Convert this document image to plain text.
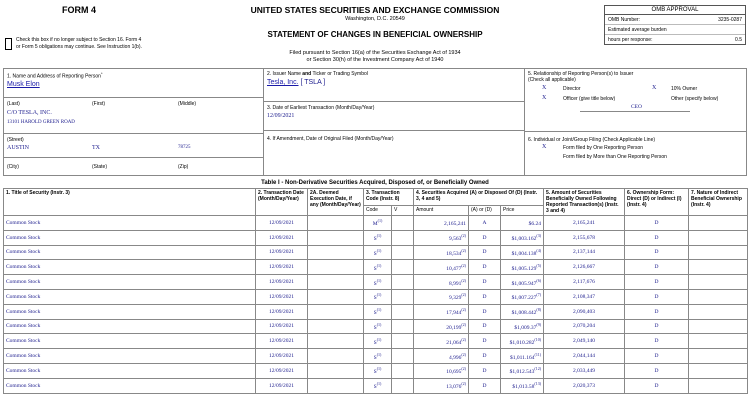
FORM 4
Check this box if no longer subject to Section 16. Form 4 or Form 5 obligations may continue. See Instruction 1(b).
UNITED STATES SECURITIES AND EXCHANGE COMMISSION
Washington, D.C. 20549
STATEMENT OF CHANGES IN BENEFICIAL OWNERSHIP
Filed pursuant to Section 16(a) of the Securities Exchange Act of 1934
or Section 30(h) of the Investment Company Act of 1940
OMB APPROVAL
OMB Number:	3235-0287
Estimated average burden
hours per response:	0.5
1. Name and Address of Reporting Person*
Musk Elon
(Last)	(First)	(Middle)
C/O TESLA, INC.
13101 HAROLD GREEN ROAD
(Street)
AUSTIN	TX	78725
(City)	(State)	(Zip)
2. Issuer Name and Ticker or Trading Symbol
Tesla, Inc. [ TSLA ]
3. Date of Earliest Transaction (Month/Day/Year)
12/09/2021
4. If Amendment, Date of Original Filed (Month/Day/Year)
5. Relationship of Reporting Person(s) to Issuer
(Check all applicable)
X	Director	X	10% Owner
X	Officer (give title below)	Other (specify below)
CEO
6. Individual or Joint/Group Filing (Check Applicable Line)
X	Form filed by One Reporting Person
Form filed by More than One Reporting Person
Table I - Non-Derivative Securities Acquired, Disposed of, or Beneficially Owned
1. Title of Security (Instr. 3)	2. Transaction Date (Month/Day/Year)	2A. Deemed Execution Date, if any (Month/Day/Year)	3. Transaction Code (Instr. 8)		4. Securities Acquired (A) or Disposed Of (D) (Instr. 3, 4 and 5)			5. Amount of Securities Beneficially Owned Following Reported Transaction(s) (Instr. 3 and 4)	6. Ownership Form: Direct (D) or Indirect (I) (Instr. 4)	7. Nature of Indirect Beneficial Ownership (Instr. 4)
			Code	V	Amount	(A) or (D)	Price			
Common Stock	12/09/2021		$M^{(1)}$		2,165,241	A	$6.24	2,165,241	D	
Common Stock	12/09/2021		$S^{(1)}$		9,563$^{(2)}$	D	$1,003.162$^{(3)}$	2,155,678	D	
Common Stock	12/09/2021		$S^{(1)}$		18,534$^{(2)}$	D	$1,004.138$^{(4)}$	2,137,144	D	
Common Stock	12/09/2021		$S^{(1)}$		10,477$^{(2)}$	D	$1,005.129$^{(5)}$	2,126,667	D	
Common Stock	12/09/2021		$S^{(1)}$		8,991$^{(2)}$	D	$1,005.947$^{(6)}$	2,117,676	D	
Common Stock	12/09/2021		$S^{(1)}$		9,329$^{(2)}$	D	$1,007.227$^{(7)}$	2,108,347	D	
Common Stock	12/09/2021		$S^{(1)}$		17,944$^{(2)}$	D	$1,008.442$^{(8)}$	2,090,403	D	
Common Stock	12/09/2021		$S^{(1)}$		20,199$^{(2)}$	D	$1,009.37$^{(9)}$	2,070,204	D	
Common Stock	12/09/2021		$S^{(1)}$		21,064$^{(2)}$	D	$1,010.282$^{(10)}$	2,049,140	D	
Common Stock	12/09/2021		$S^{(1)}$		4,996$^{(2)}$	D	$1,011.164$^{(11)}$	2,044,144	D	
Common Stock	12/09/2021		$S^{(1)}$		10,695$^{(2)}$	D	$1,012.543$^{(12)}$	2,033,449	D	
Common Stock	12/09/2021		$S^{(1)}$		13,076$^{(2)}$	D	$1,013.58$^{(13)}$	2,020,373	D	
